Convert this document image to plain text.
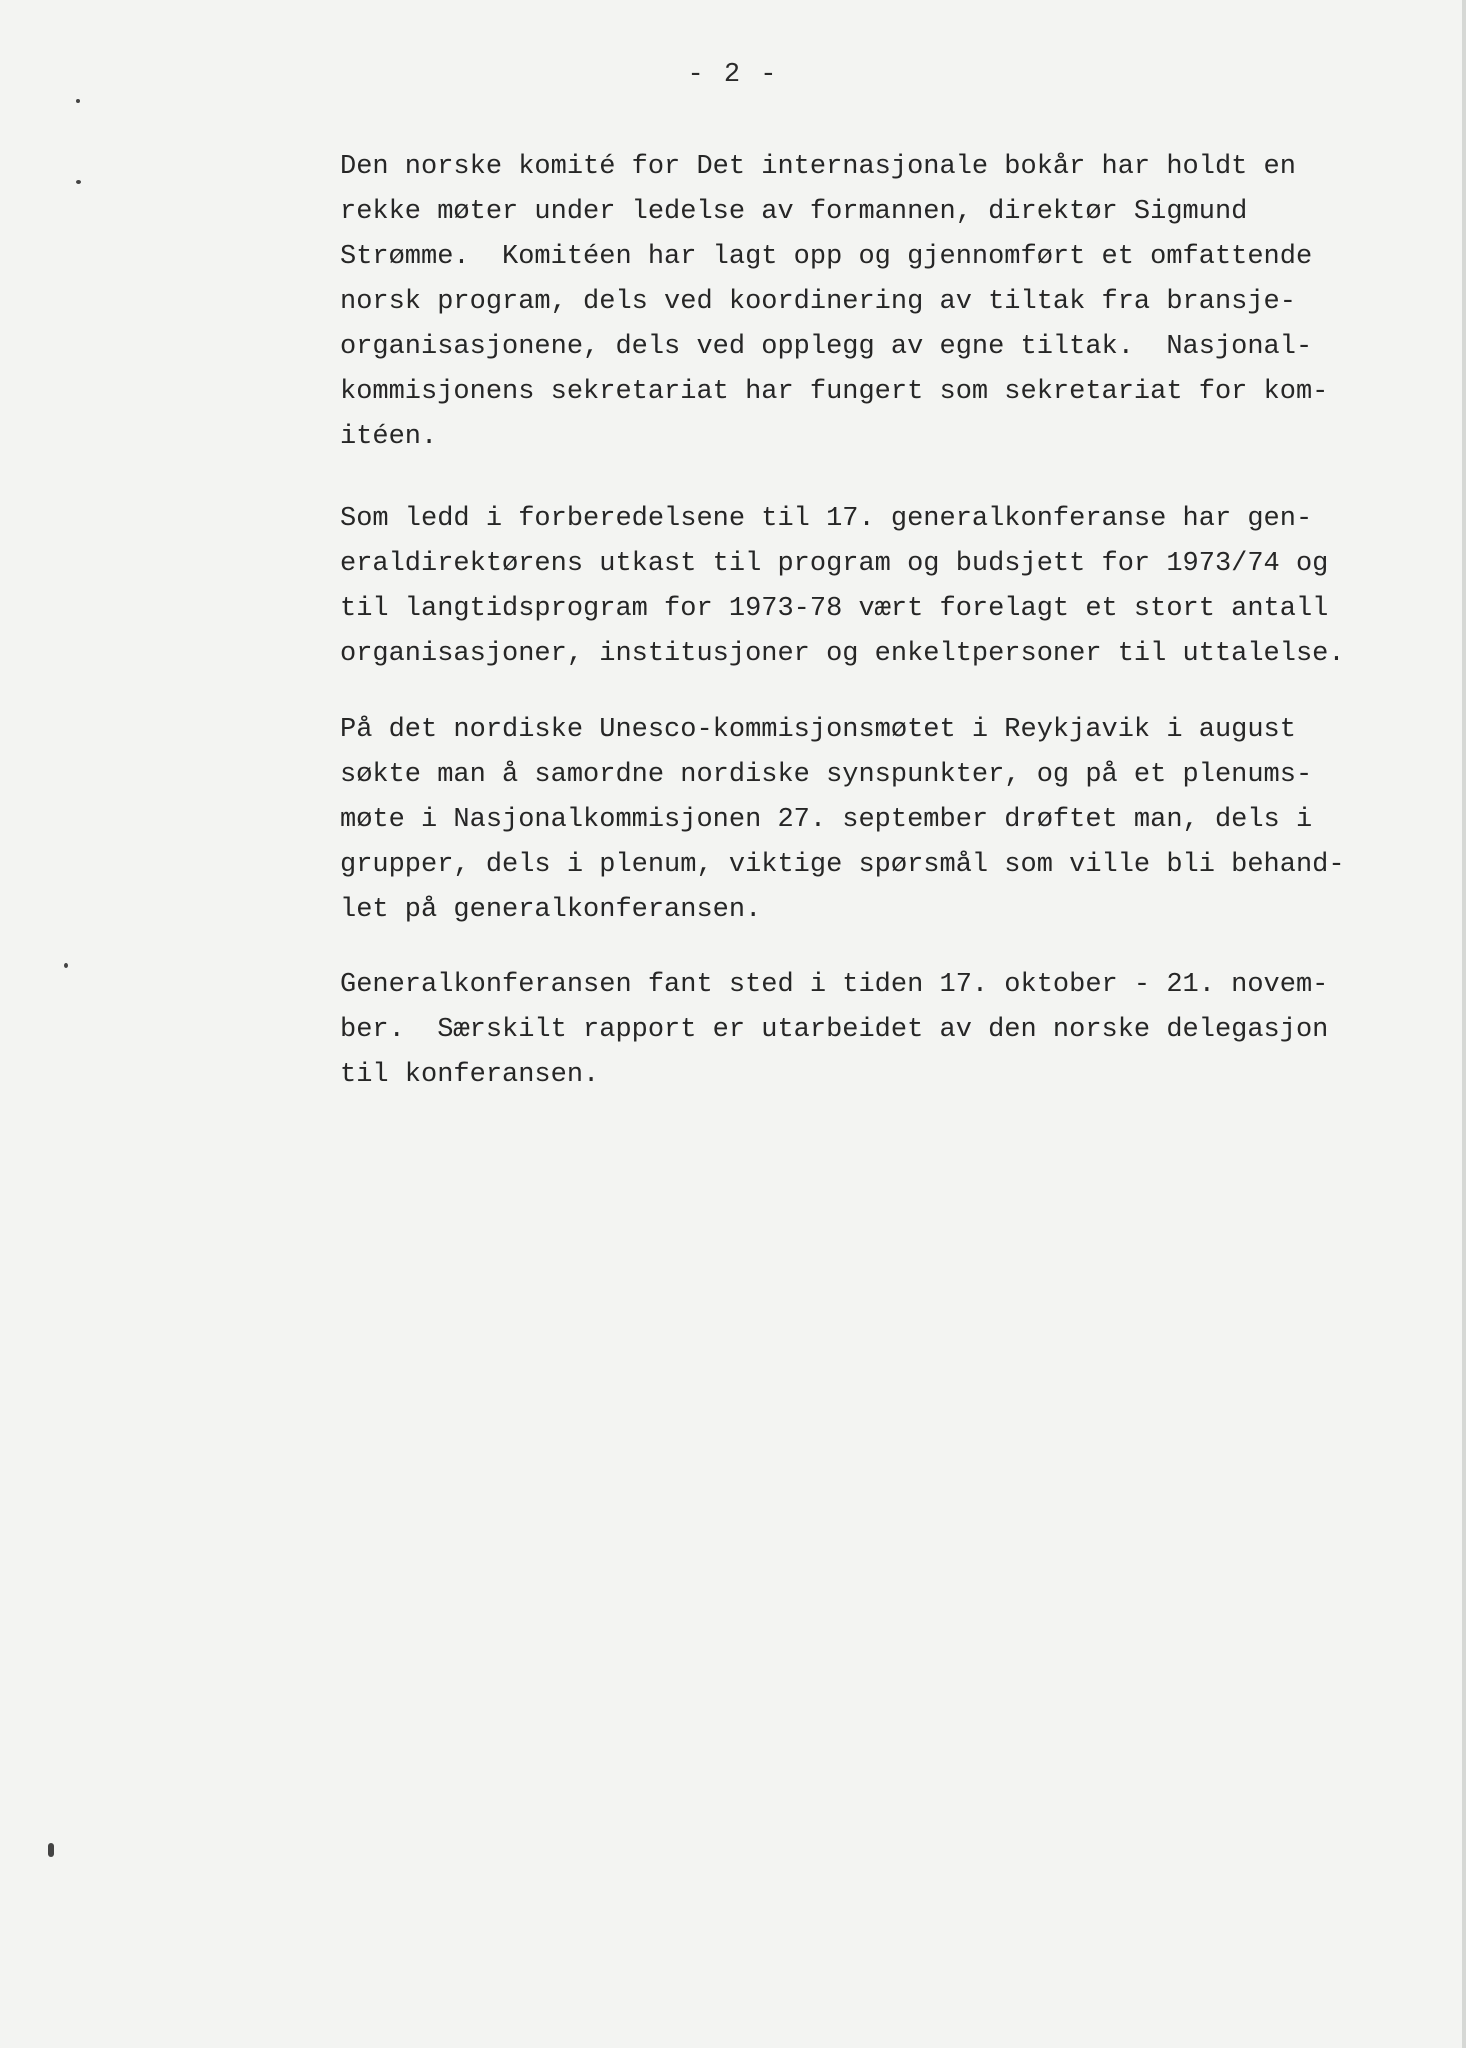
- 2 -
Den norske komité for Det internasjonale bokår har holdt en
rekke møter under ledelse av formannen, direktør Sigmund
Strømme.  Komitéen har lagt opp og gjennomført et omfattende
norsk program, dels ved koordinering av tiltak fra bransje-
organisasjonene, dels ved opplegg av egne tiltak.  Nasjonal-
kommisjonens sekretariat har fungert som sekretariat for kom-
itéen.
Som ledd i forberedelsene til 17. generalkonferanse har gen-
eraldirektørens utkast til program og budsjett for 1973/74 og
til langtidsprogram for 1973-78 vært forelagt et stort antall
organisasjoner, institusjoner og enkeltpersoner til uttalelse.
På det nordiske Unesco-kommisjonsmøtet i Reykjavik i august
søkte man å samordne nordiske synspunkter, og på et plenums-
møte i Nasjonalkommisjonen 27. september drøftet man, dels i
grupper, dels i plenum, viktige spørsmål som ville bli behand-
let på generalkonferansen.
Generalkonferansen fant sted i tiden 17. oktober - 21. novem-
ber.  Særskilt rapport er utarbeidet av den norske delegasjon
til konferansen.
